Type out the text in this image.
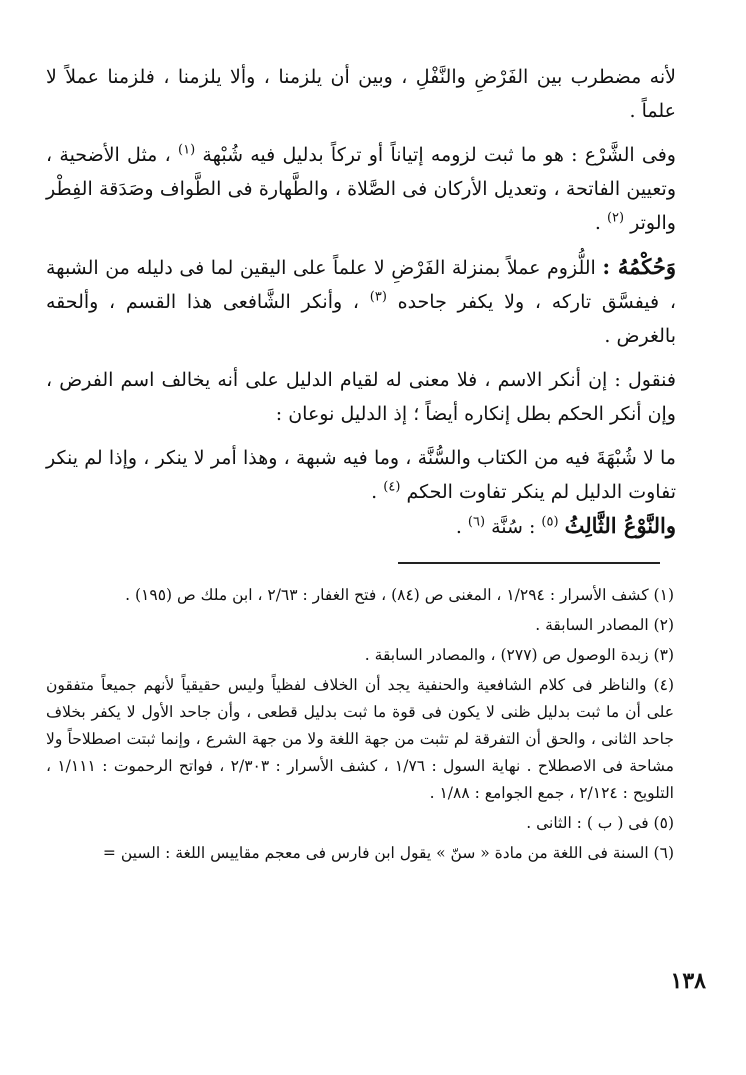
لأنه مضطرب بين الفَرْضِ والنَّفْلِ ، وبين أن يلزمنا ، وألا يلزمنا ، فلزمنا عملاً لا علماً .

وفى الشَّرْع : هو ما ثبت لزومه إتياناً أو تركاً بدليل فيه شُبْهة $^{(١)}$ ، مثل الأضحية ، وتعيين الفاتحة ، وتعديل الأركان فى الصَّلاة ، والطَّهارة فى الطَّواف وصَدَقة الفِطْر والوتر $^{(٢)}$ .

وَحُكْمُهُ : اللُّزوم عملاً بمنزلة الفَرْضِ لا علماً على اليقين لما فى دليله من الشبهة ، فيفسَّق تاركه ، ولا يكفر جاحده $^{(٣)}$ ، وأنكر الشَّافعى هذا القسم ، وألحقه بالغرض .

فنقول : إن أنكر الاسم ، فلا معنى له لقيام الدليل على أنه يخالف اسم الفرض ، وإن أنكر الحكم بطل إنكاره أيضاً ؛ إذ الدليل نوعان :

ما لا شُبْهَةَ فيه من الكتاب والسُّنَّة ، وما فيه شبهة ، وهذا أمر لا ينكر ، وإذا لم ينكر تفاوت الدليل لم ينكر تفاوت الحكم $^{(٤)}$ .
والنَّوْعُ الثَّالِثُ $^{(٥)}$ : سُنَّة $^{(٦)}$ .

(١) كشف الأسرار : ١/٢٩٤ ، المغنى ص (٨٤) ، فتح الغفار : ٢/٦٣ ، ابن ملك ص (١٩٥) .

(٢) المصادر السابقة .

(٣) زبدة الوصول ص (٢٧٧) ، والمصادر السابقة .

(٤) والناظر فى كلام الشافعية والحنفية يجد أن الخلاف لفظياً وليس حقيقياً لأنهم جميعاً متفقون على أن ما ثبت بدليل ظنى لا يكون فى قوة ما ثبت بدليل قطعى ، وأن جاحد الأول لا يكفر بخلاف جاحد الثانى ، والحق أن التفرقة لم تثبت من جهة اللغة ولا من جهة الشرع ، وإنما ثبتت اصطلاحاً ولا مشاحة فى الاصطلاح . نهاية السول : ١/٧٦ ، كشف الأسرار : ٢/٣٠٣ ، فواتح الرحموت : ١/١١١ ، التلويح : ٢/١٢٤ ، جمع الجوامع : ١/٨٨ .

(٥) فى ( ب ) : الثانى .

(٦) السنة فى اللغة من مادة « سنّ » يقول ابن فارس فى معجم مقاييس اللغة : السين =

١٣٨
